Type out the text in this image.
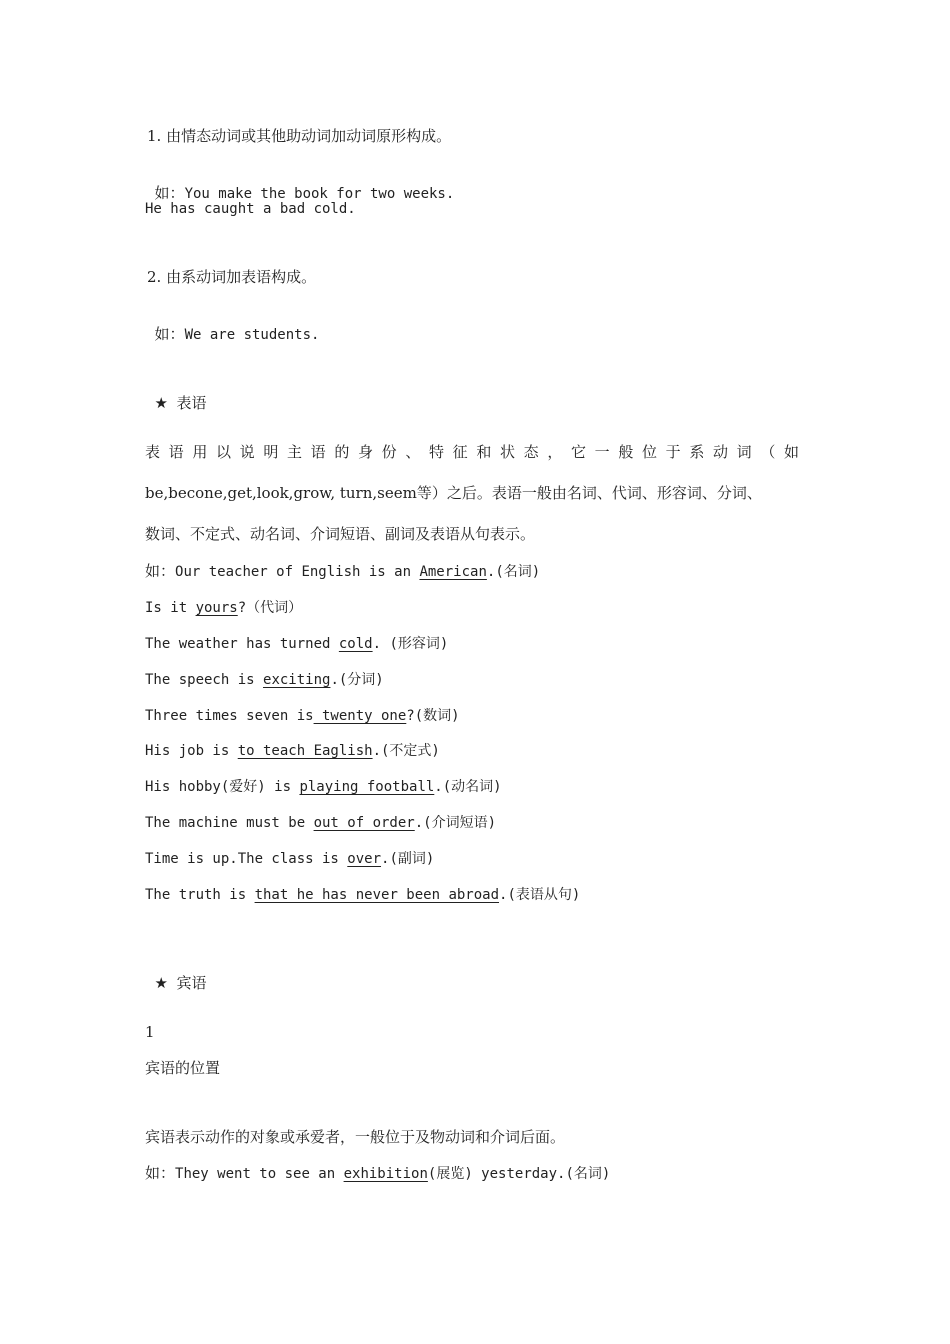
1. 由情态动词或其他助动词加动词原形构成。

如：You make the book for two weeks.

He has caught a bad cold.
2. 由系动词加表语构成。

如：We are students.

★ 表语

表语用以说明主语的身份、特征和状态，它一般位于系动词（如
be,becone,get,look,grow, turn,seem等）之后。表语一般由名词、代词、形容词、分词、
数词、不定式、动名词、介词短语、副词及表语从句表示。
如：Our teacher of English is an American.(名词)
Is it yours?（代词）
The weather has turned cold. (形容词)
The speech is exciting.(分词)
Three times seven is twenty one?(数词)
His job is to teach Eaglish.(不定式)
His hobby(爱好) is playing football.(动名词)
The machine must be out of order.(介词短语)
Time is up.The class is over.(副词)
The truth is that he has never been abroad.(表语从句)

★ 宾语

1
宾语的位置
宾语表示动作的对象或承爱者，一般位于及物动词和介词后面。
如：They went to see an exhibition(展览) yesterday.(名词)
